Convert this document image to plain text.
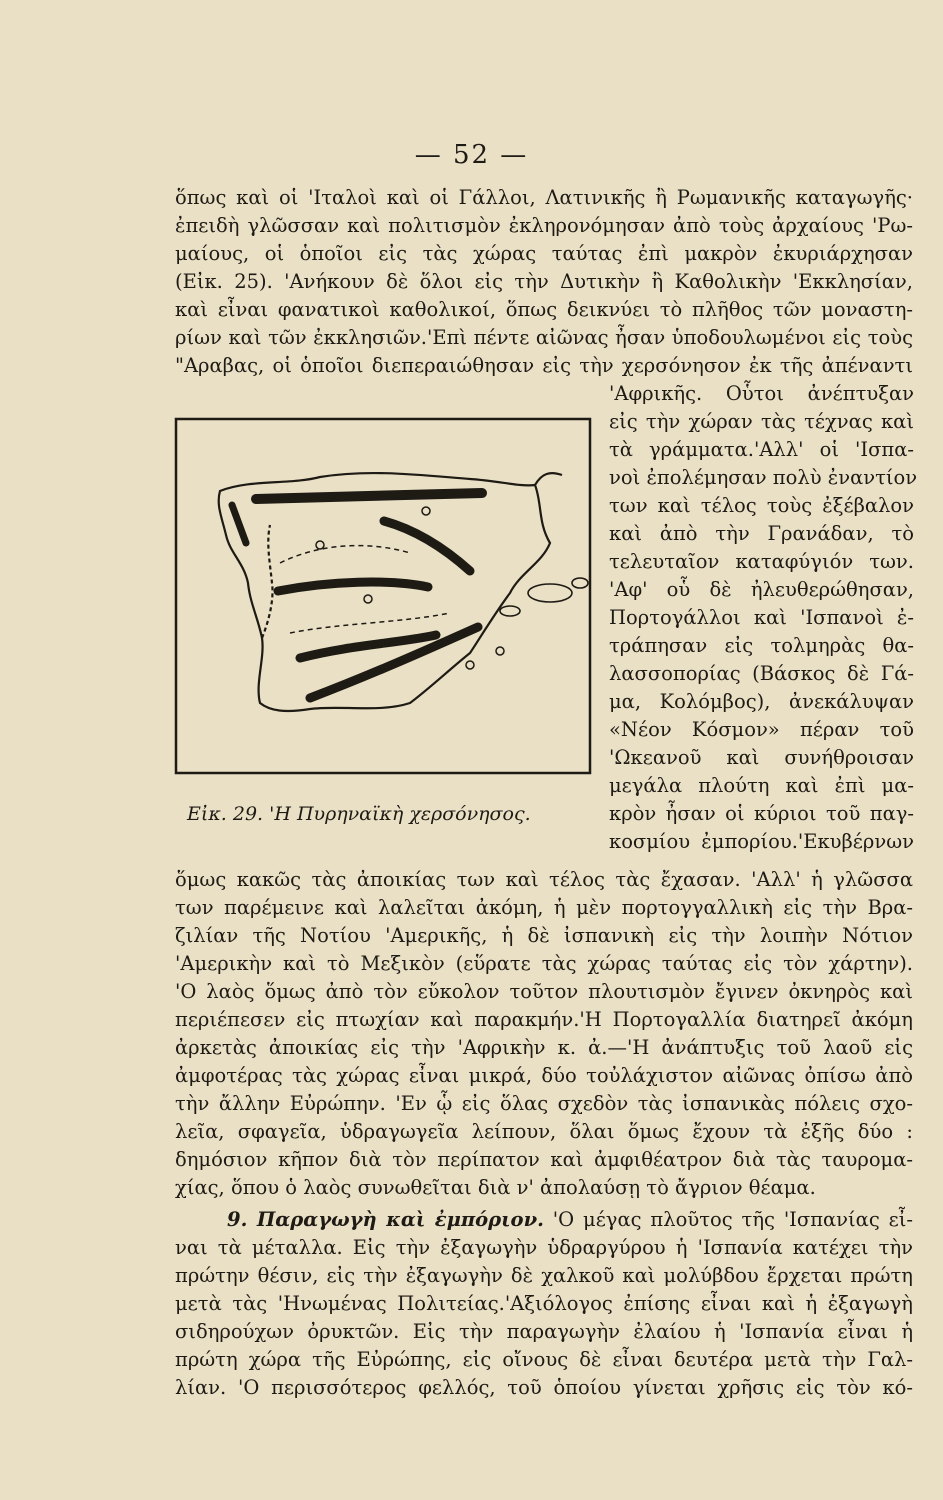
— 52 —
ὅπως καὶ οἱ 'Ιταλοὶ καὶ οἱ Γάλλοι, Λατινικῆς ἢ Ρωμανικῆς καταγωγῆς·
ἐπειδὴ γλῶσσαν καὶ πολιτισμὸν ἐκληρονόμησαν ἀπὸ τοὺς ἀρχαίους 'Ρω-
μαίους, οἱ ὁποῖοι εἰς τὰς χώρας ταύτας ἐπὶ μακρὸν ἐκυριάρχησαν
(Εἰκ. 25). 'Ανήκουν δὲ ὅλοι εἰς τὴν Δυτικὴν ἢ Καθολικὴν 'Εκκλησίαν,
καὶ εἶναι φανατικοὶ καθολικοί, ὅπως δεικνύει τὸ πλῆθος τῶν μοναστη-
ρίων καὶ τῶν ἐκκλησιῶν.'Επὶ πέντε αἰῶνας ἦσαν ὑποδουλωμένοι εἰς τοὺς
"Αραβας, οἱ ὁποῖοι διεπεραιώθησαν εἰς τὴν χερσόνησον ἐκ τῆς ἀπέναντι
'Αφρικῆς. Οὗτοι ἀνέπτυξαν
εἰς τὴν χώραν τὰς τέχνας καὶ
τὰ γράμματα.'Αλλ' οἱ 'Ισπα-
νοὶ ἐπολέμησαν πολὺ ἐναντίον
των καὶ τέλος τοὺς ἐξέβαλον
καὶ ἀπὸ τὴν Γρανάδαν, τὸ
τελευταῖον καταφύγιόν των.
'Αφ' οὗ δὲ ἠλευθερώθησαν,
Πορτογάλλοι καὶ 'Ισπανοὶ ἐ-
τράπησαν εἰς τολμηρὰς θα-
λασσοπορίας (Βάσκος δὲ Γά-
μα, Κολόμβος), ἀνεκάλυψαν
«Νέον Κόσμον» πέραν τοῦ
'Ωκεανοῦ καὶ συνήθροισαν
μεγάλα πλούτη καὶ ἐπὶ μα-
κρὸν ἦσαν οἱ κύριοι τοῦ παγ-
κοσμίου ἐμπορίου.'Εκυβέρνων
Εἰκ. 29. 'Η Πυρηναϊκὴ χερσόνησος.
ὅμως κακῶς τὰς ἀποικίας των καὶ τέλος τὰς ἔχασαν. 'Αλλ' ἡ γλῶσσα
των παρέμεινε καὶ λαλεῖται ἀκόμη, ἡ μὲν πορτογγαλλικὴ εἰς τὴν Βρα-
ζιλίαν τῆς Νοτίου 'Αμερικῆς, ἡ δὲ ἰσπανικὴ εἰς τὴν λοιπὴν Νότιον
'Αμερικὴν καὶ τὸ Μεξικὸν (εὕρατε τὰς χώρας ταύτας εἰς τὸν χάρτην).
'Ο λαὸς ὅμως ἀπὸ τὸν εὔκολον τοῦτον πλουτισμὸν ἔγινεν ὀκνηρὸς καὶ
περιέπεσεν εἰς πτωχίαν καὶ παρακμήν.'Η Πορτογαλλία διατηρεῖ ἀκόμη
ἀρκετὰς ἀποικίας εἰς τὴν 'Αφρικὴν κ. ἀ.—'Η ἀνάπτυξις τοῦ λαοῦ εἰς
ἀμφοτέρας τὰς χώρας εἶναι μικρά, δύο τοὐλάχιστον αἰῶνας ὀπίσω ἀπὸ
τὴν ἄλλην Εὐρώπην. 'Εν ᾧ εἰς ὅλας σχεδὸν τὰς ἰσπανικὰς πόλεις σχο-
λεῖα, σφαγεῖα, ὑδραγωγεῖα λείπουν, ὅλαι ὅμως ἔχουν τὰ ἐξῆς δύο :
δημόσιον κῆπον διὰ τὸν περίπατον καὶ ἀμφιθέατρον διὰ τὰς ταυρομα-
χίας, ὅπου ὁ λαὸς συνωθεῖται διὰ ν' ἀπολαύσῃ τὸ ἄγριον θέαμα.
9. Παραγωγὴ καὶ ἐμπόριον. 'Ο μέγας πλοῦτος τῆς 'Ισπανίας εἶ-
ναι τὰ μέταλλα. Εἰς τὴν ἐξαγωγὴν ὑδραργύρου ἡ 'Ισπανία κατέχει τὴν
πρώτην θέσιν, εἰς τὴν ἐξαγωγὴν δὲ χαλκοῦ καὶ μολύβδου ἔρχεται πρώτη
μετὰ τὰς 'Ηνωμένας Πολιτείας.'Αξιόλογος ἐπίσης εἶναι καὶ ἡ ἐξαγωγὴ
σιδηρούχων ὀρυκτῶν. Εἰς τὴν παραγωγὴν ἐλαίου ἡ 'Ισπανία εἶναι ἡ
πρώτη χώρα τῆς Εὐρώπης, εἰς οἴνους δὲ εἶναι δευτέρα μετὰ τὴν Γαλ-
λίαν. 'Ο περισσότερος φελλός, τοῦ ὁποίου γίνεται χρῆσις εἰς τὸν κό-
